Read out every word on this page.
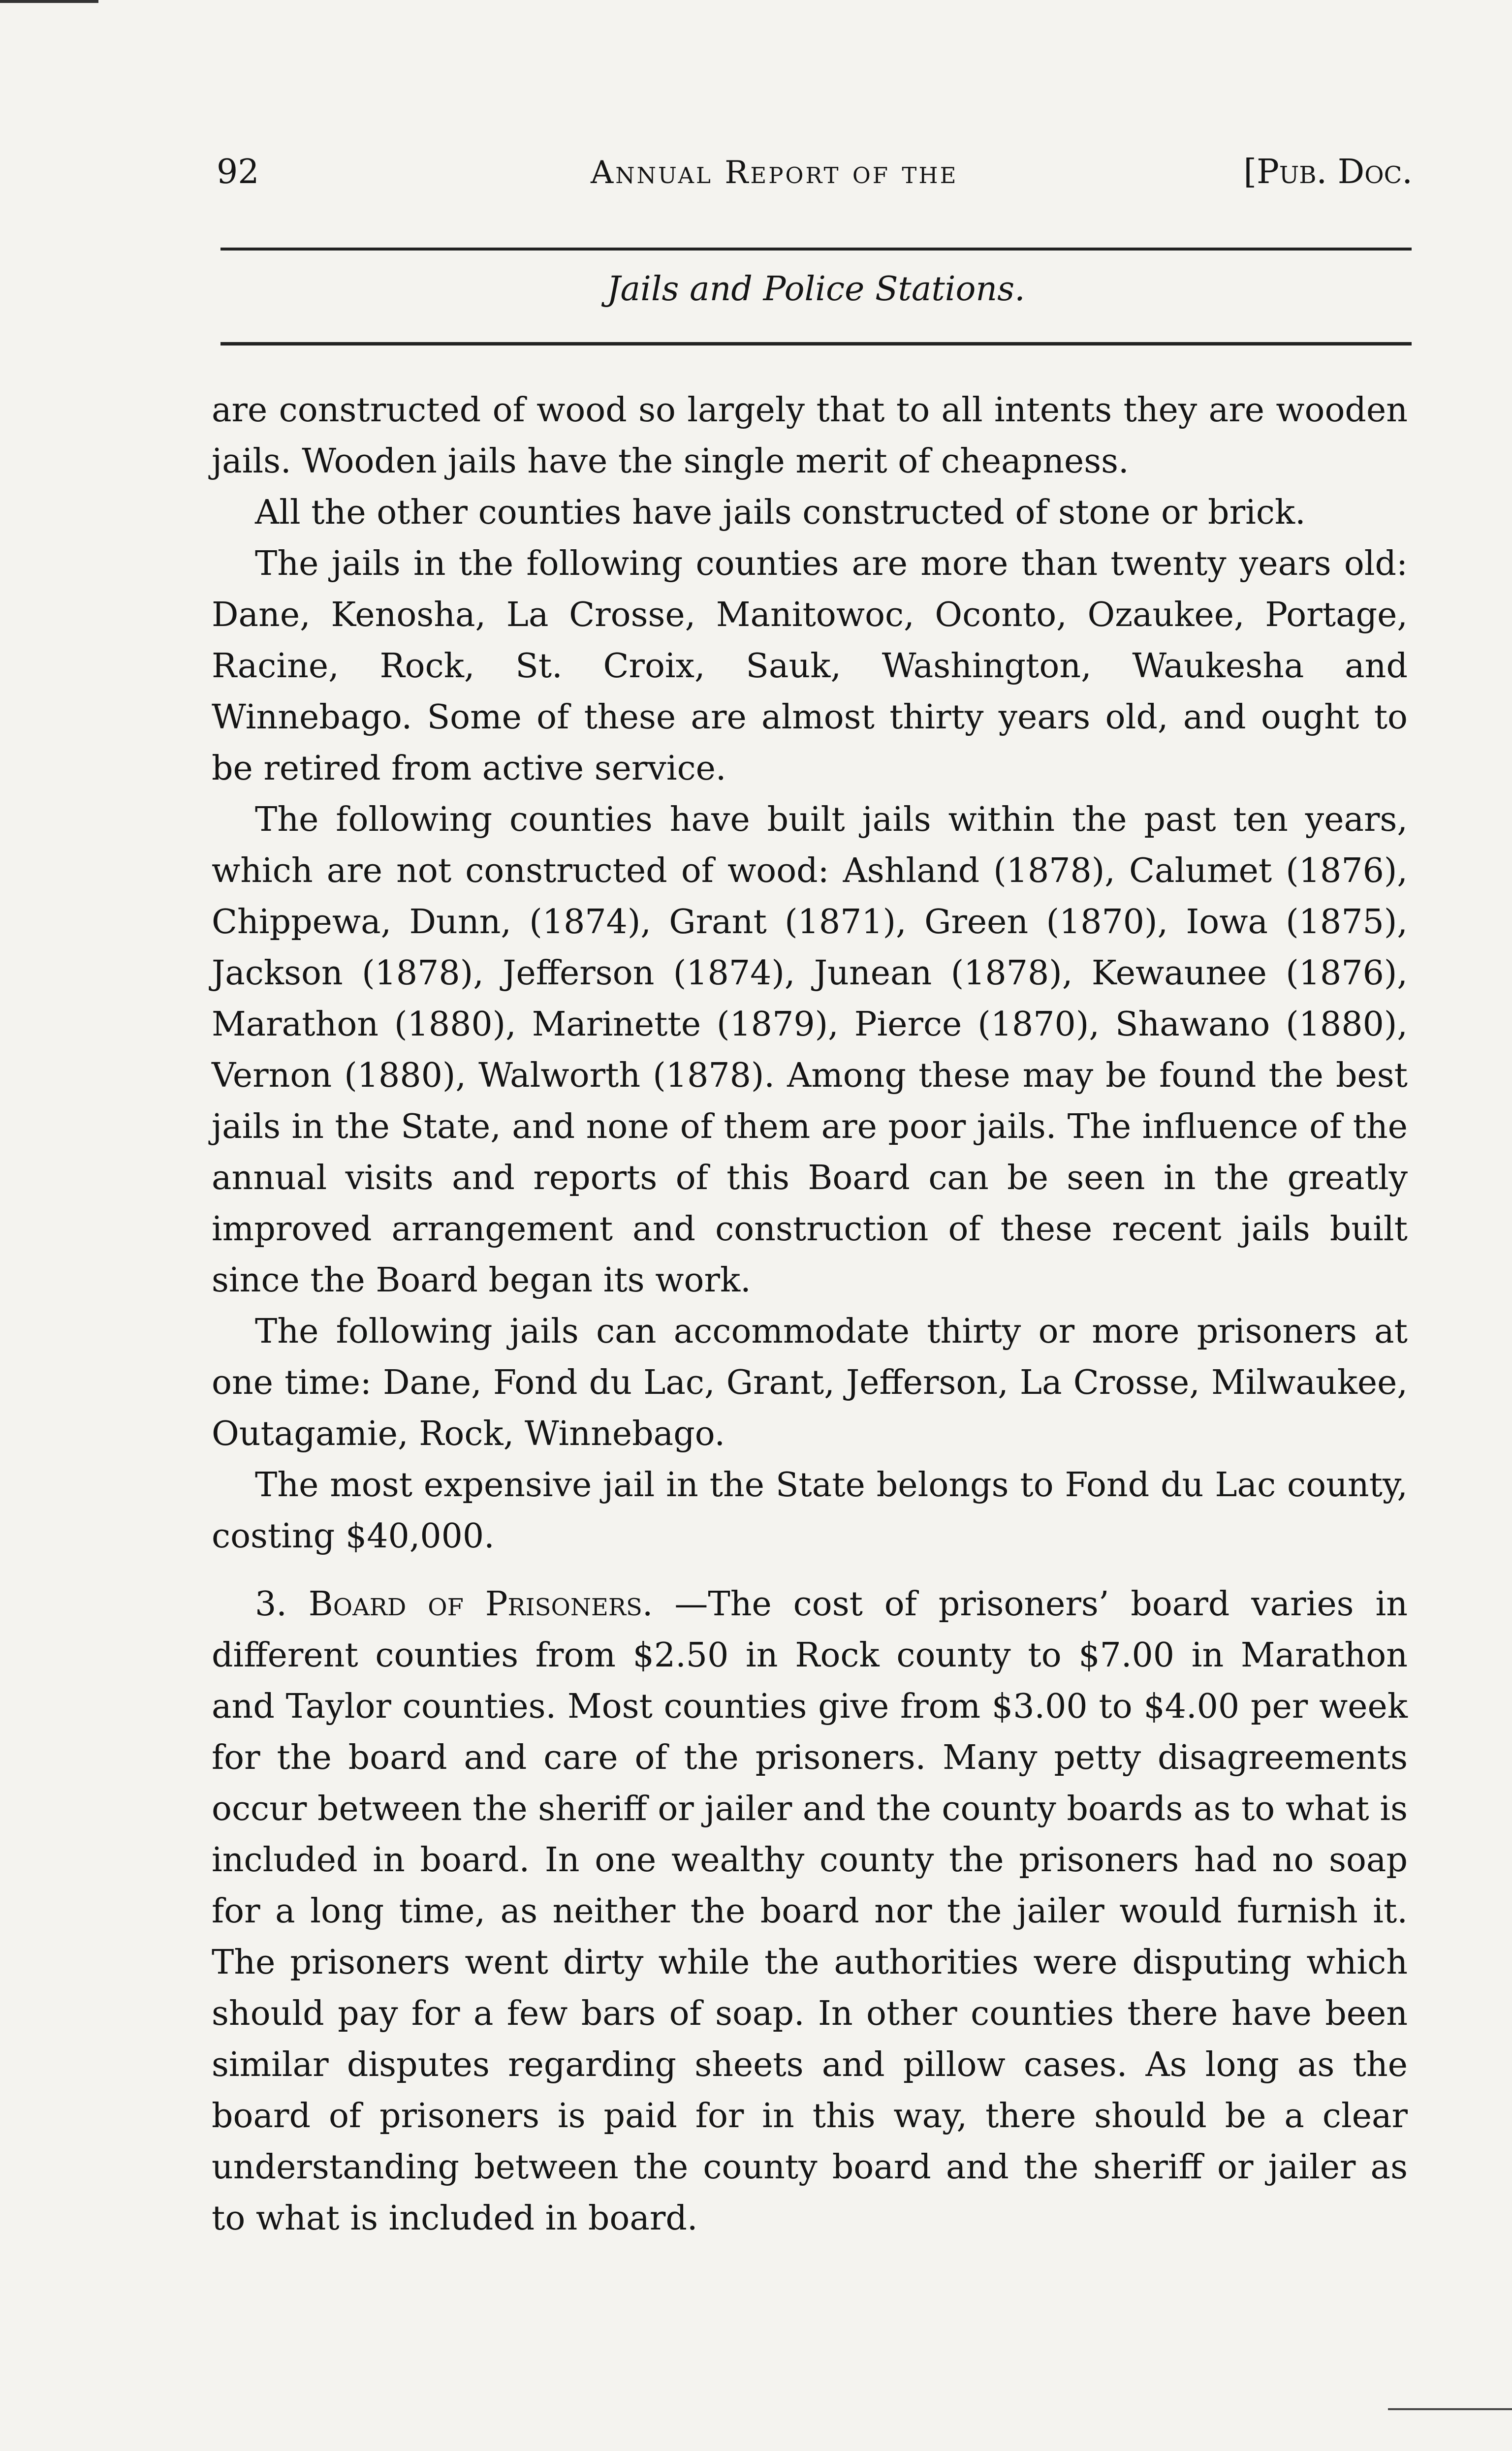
92	Annual Report of the	[Pub. Doc.
Jails and Police Stations.

are constructed of wood so largely that to all intents they are wooden jails. Wooden jails have the single merit of cheapness.

All the other counties have jails constructed of stone or brick.

The jails in the following counties are more than twenty years old: Dane, Kenosha, La Crosse, Manitowoc, Oconto, Ozaukee, Portage, Racine, Rock, St. Croix, Sauk, Washington, Waukesha and Winnebago. Some of these are almost thirty years old, and ought to be retired from active service.

The following counties have built jails within the past ten years, which are not constructed of wood: Ashland (1878), Calumet (1876), Chippewa, Dunn, (1874), Grant (1871), Green (1870), Iowa (1875), Jackson (1878), Jefferson (1874), Junean (1878), Kewaunee (1876), Marathon (1880), Marinette (1879), Pierce (1870), Shawano (1880), Vernon (1880), Walworth (1878). Among these may be found the best jails in the State, and none of them are poor jails. The influence of the annual visits and reports of this Board can be seen in the greatly improved arrangement and construction of these recent jails built since the Board began its work.

The following jails can accommodate thirty or more prisoners at one time: Dane, Fond du Lac, Grant, Jefferson, La Crosse, Milwaukee, Outagamie, Rock, Winnebago.

The most expensive jail in the State belongs to Fond du Lac county, costing $40,000.

3. Board of Prisoners. —The cost of prisoners’ board varies in different counties from $2.50 in Rock county to $7.00 in Marathon and Taylor counties. Most counties give from $3.00 to $4.00 per week for the board and care of the prisoners. Many petty disagreements occur between the sheriff or jailer and the county boards as to what is included in board. In one wealthy county the prisoners had no soap for a long time, as neither the board nor the jailer would furnish it. The prisoners went dirty while the authorities were disputing which should pay for a few bars of soap. In other counties there have been similar disputes regarding sheets and pillow cases. As long as the board of prisoners is paid for in this way, there should be a clear understanding between the county board and the sheriff or jailer as to what is included in board.
